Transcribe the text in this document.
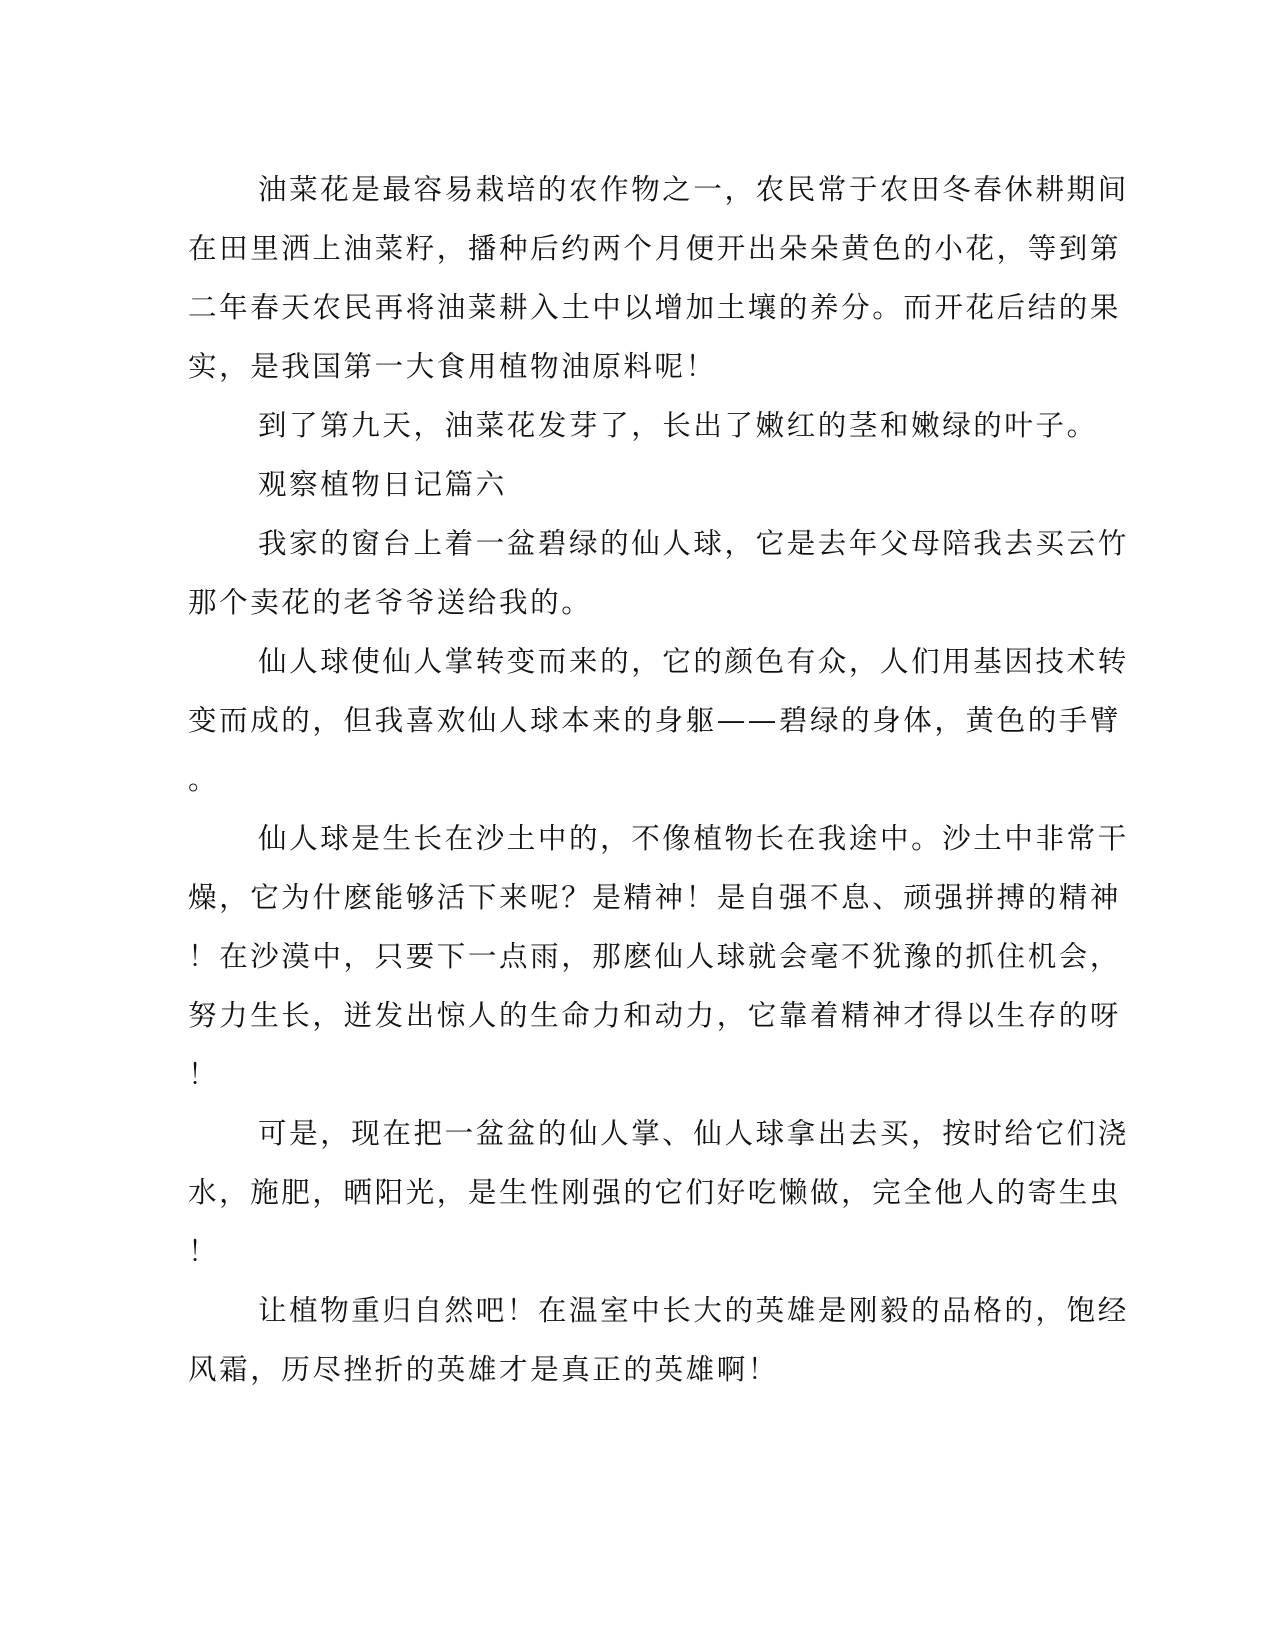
油菜花是最容易栽培的农作物之一，农民常于农田冬春休耕期间
在田里洒上油菜籽，播种后约两个月便开出朵朵黄色的小花，等到第
二年春天农民再将油菜耕入土中以增加土壤的养分。而开花后结的果
实，是我国第一大食用植物油原料呢！
到了第九天，油菜花发芽了，长出了嫩红的茎和嫩绿的叶子。
观察植物日记篇六
我家的窗台上着一盆碧绿的仙人球，它是去年父母陪我去买云竹
那个卖花的老爷爷送给我的。
仙人球使仙人掌转变而来的，它的颜色有众，人们用基因技术转
变而成的，但我喜欢仙人球本来的身躯——碧绿的身体，黄色的手臂
。
仙人球是生长在沙土中的，不像植物长在我途中。沙土中非常干
燥，它为什麽能够活下来呢？是精神！是自强不息、顽强拼搏的精神
！在沙漠中，只要下一点雨，那麽仙人球就会毫不犹豫的抓住机会，
努力生长，迸发出惊人的生命力和动力，它靠着精神才得以生存的呀
！
可是，现在把一盆盆的仙人掌、仙人球拿出去买，按时给它们浇
水，施肥，晒阳光，是生性刚强的它们好吃懒做，完全他人的寄生虫
！
让植物重归自然吧！在温室中长大的英雄是刚毅的品格的，饱经
风霜，历尽挫折的英雄才是真正的英雄啊！
